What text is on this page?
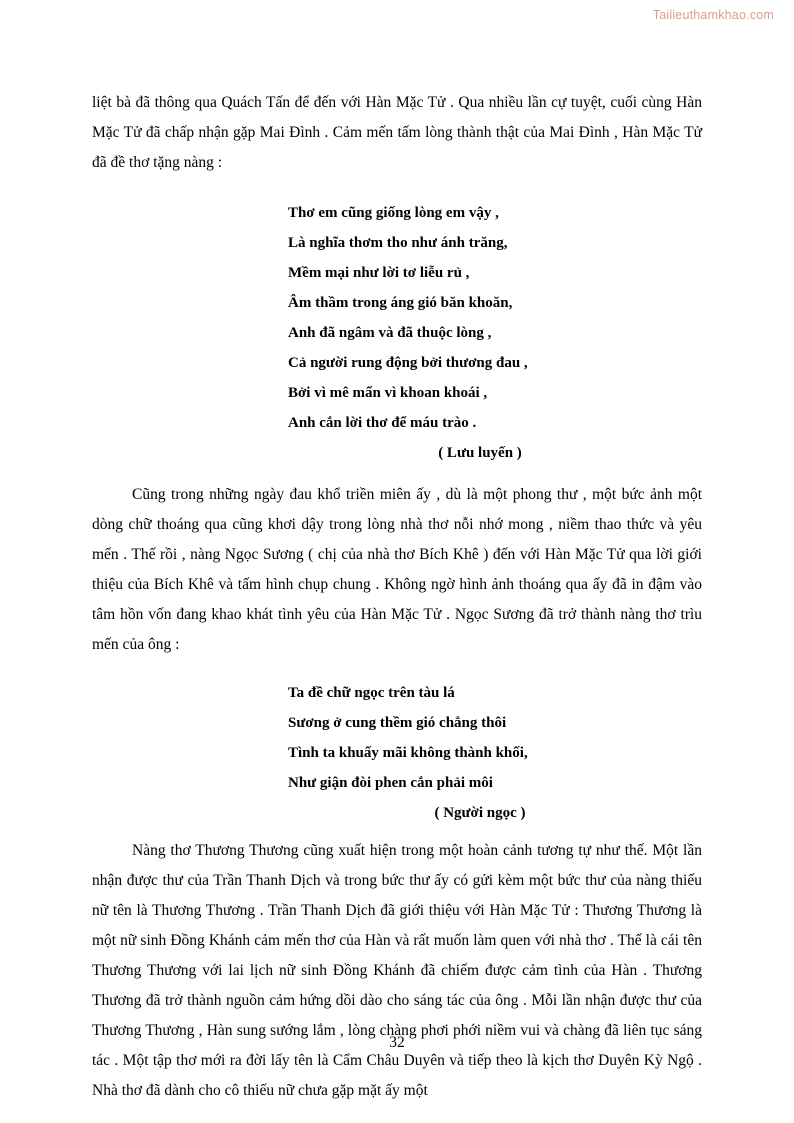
Tailieuthamkhao.com

liệt bà đã thông qua Quách Tấn để đến với Hàn Mặc Tử . Qua nhiều lần cự tuyệt, cuối cùng Hàn Mặc Tử đã chấp nhận gặp Mai Đình . Cảm mến tấm lòng thành thật của Mai Đình , Hàn Mặc Tử đã đề thơ tặng nàng :

Thơ em cũng giống lòng em vậy ,
Là nghĩa thơm tho như ánh trăng,
Mềm mại như lời tơ liễu rủ ,
Âm thầm trong áng gió băn khoăn,
Anh đã ngâm và đã thuộc lòng ,
Cả người rung động bởi thương đau ,
Bởi vì mê mẩn vì khoan khoái ,
Anh cắn lời thơ để máu trào .
( Lưu luyến )

Cũng trong những ngày đau khổ triền miên ấy , dù là một phong thư , một bức ảnh một dòng chữ thoáng qua cũng khơi dậy trong lòng nhà thơ nỗi nhớ mong , niềm thao thức và yêu mến . Thế rồi , nàng Ngọc Sương ( chị của nhà thơ Bích Khê ) đến với Hàn Mặc Tử qua lời giới thiệu của Bích Khê và tấm hình chụp chung . Không ngờ hình ảnh thoáng qua ấy đã in đậm vào tâm hồn vốn đang khao khát tình yêu của Hàn Mặc Tử . Ngọc Sương đã trở thành nàng thơ trìu mến của ông :

Ta đề chữ ngọc trên tàu lá
Sương ở cung thềm gió chẳng thôi
Tình ta khuấy mãi không thành khối,
Như giận đòi phen cắn phải môi
( Người ngọc )

Nàng thơ Thương Thương cũng xuất hiện trong một hoàn cảnh tương tự như thế. Một lần nhận được thư của Trần Thanh Dịch và trong bức thư ấy có gửi kèm một bức thư của nàng thiếu nữ tên là Thương Thương . Trần Thanh Dịch đã giới thiệu với Hàn Mặc Tử : Thương Thương là một nữ sinh Đồng Khánh cảm mến thơ của Hàn và rất muốn làm quen với nhà thơ . Thế là cái tên Thương Thương với lai lịch nữ sinh Đồng Khánh đã chiếm được cảm tình của Hàn . Thương Thương đã trở thành nguồn cảm hứng dồi dào cho sáng tác của ông . Mỗi lần nhận được thư của Thương Thương , Hàn sung sướng lắm , lòng chàng phơi phới niềm vui và chàng đã liên tục sáng tác . Một tập thơ mới ra đời lấy tên là Cẩm Châu Duyên và tiếp theo là kịch thơ Duyên Kỳ Ngộ . Nhà thơ đã dành cho cô thiếu nữ chưa gặp mặt ấy một

32
